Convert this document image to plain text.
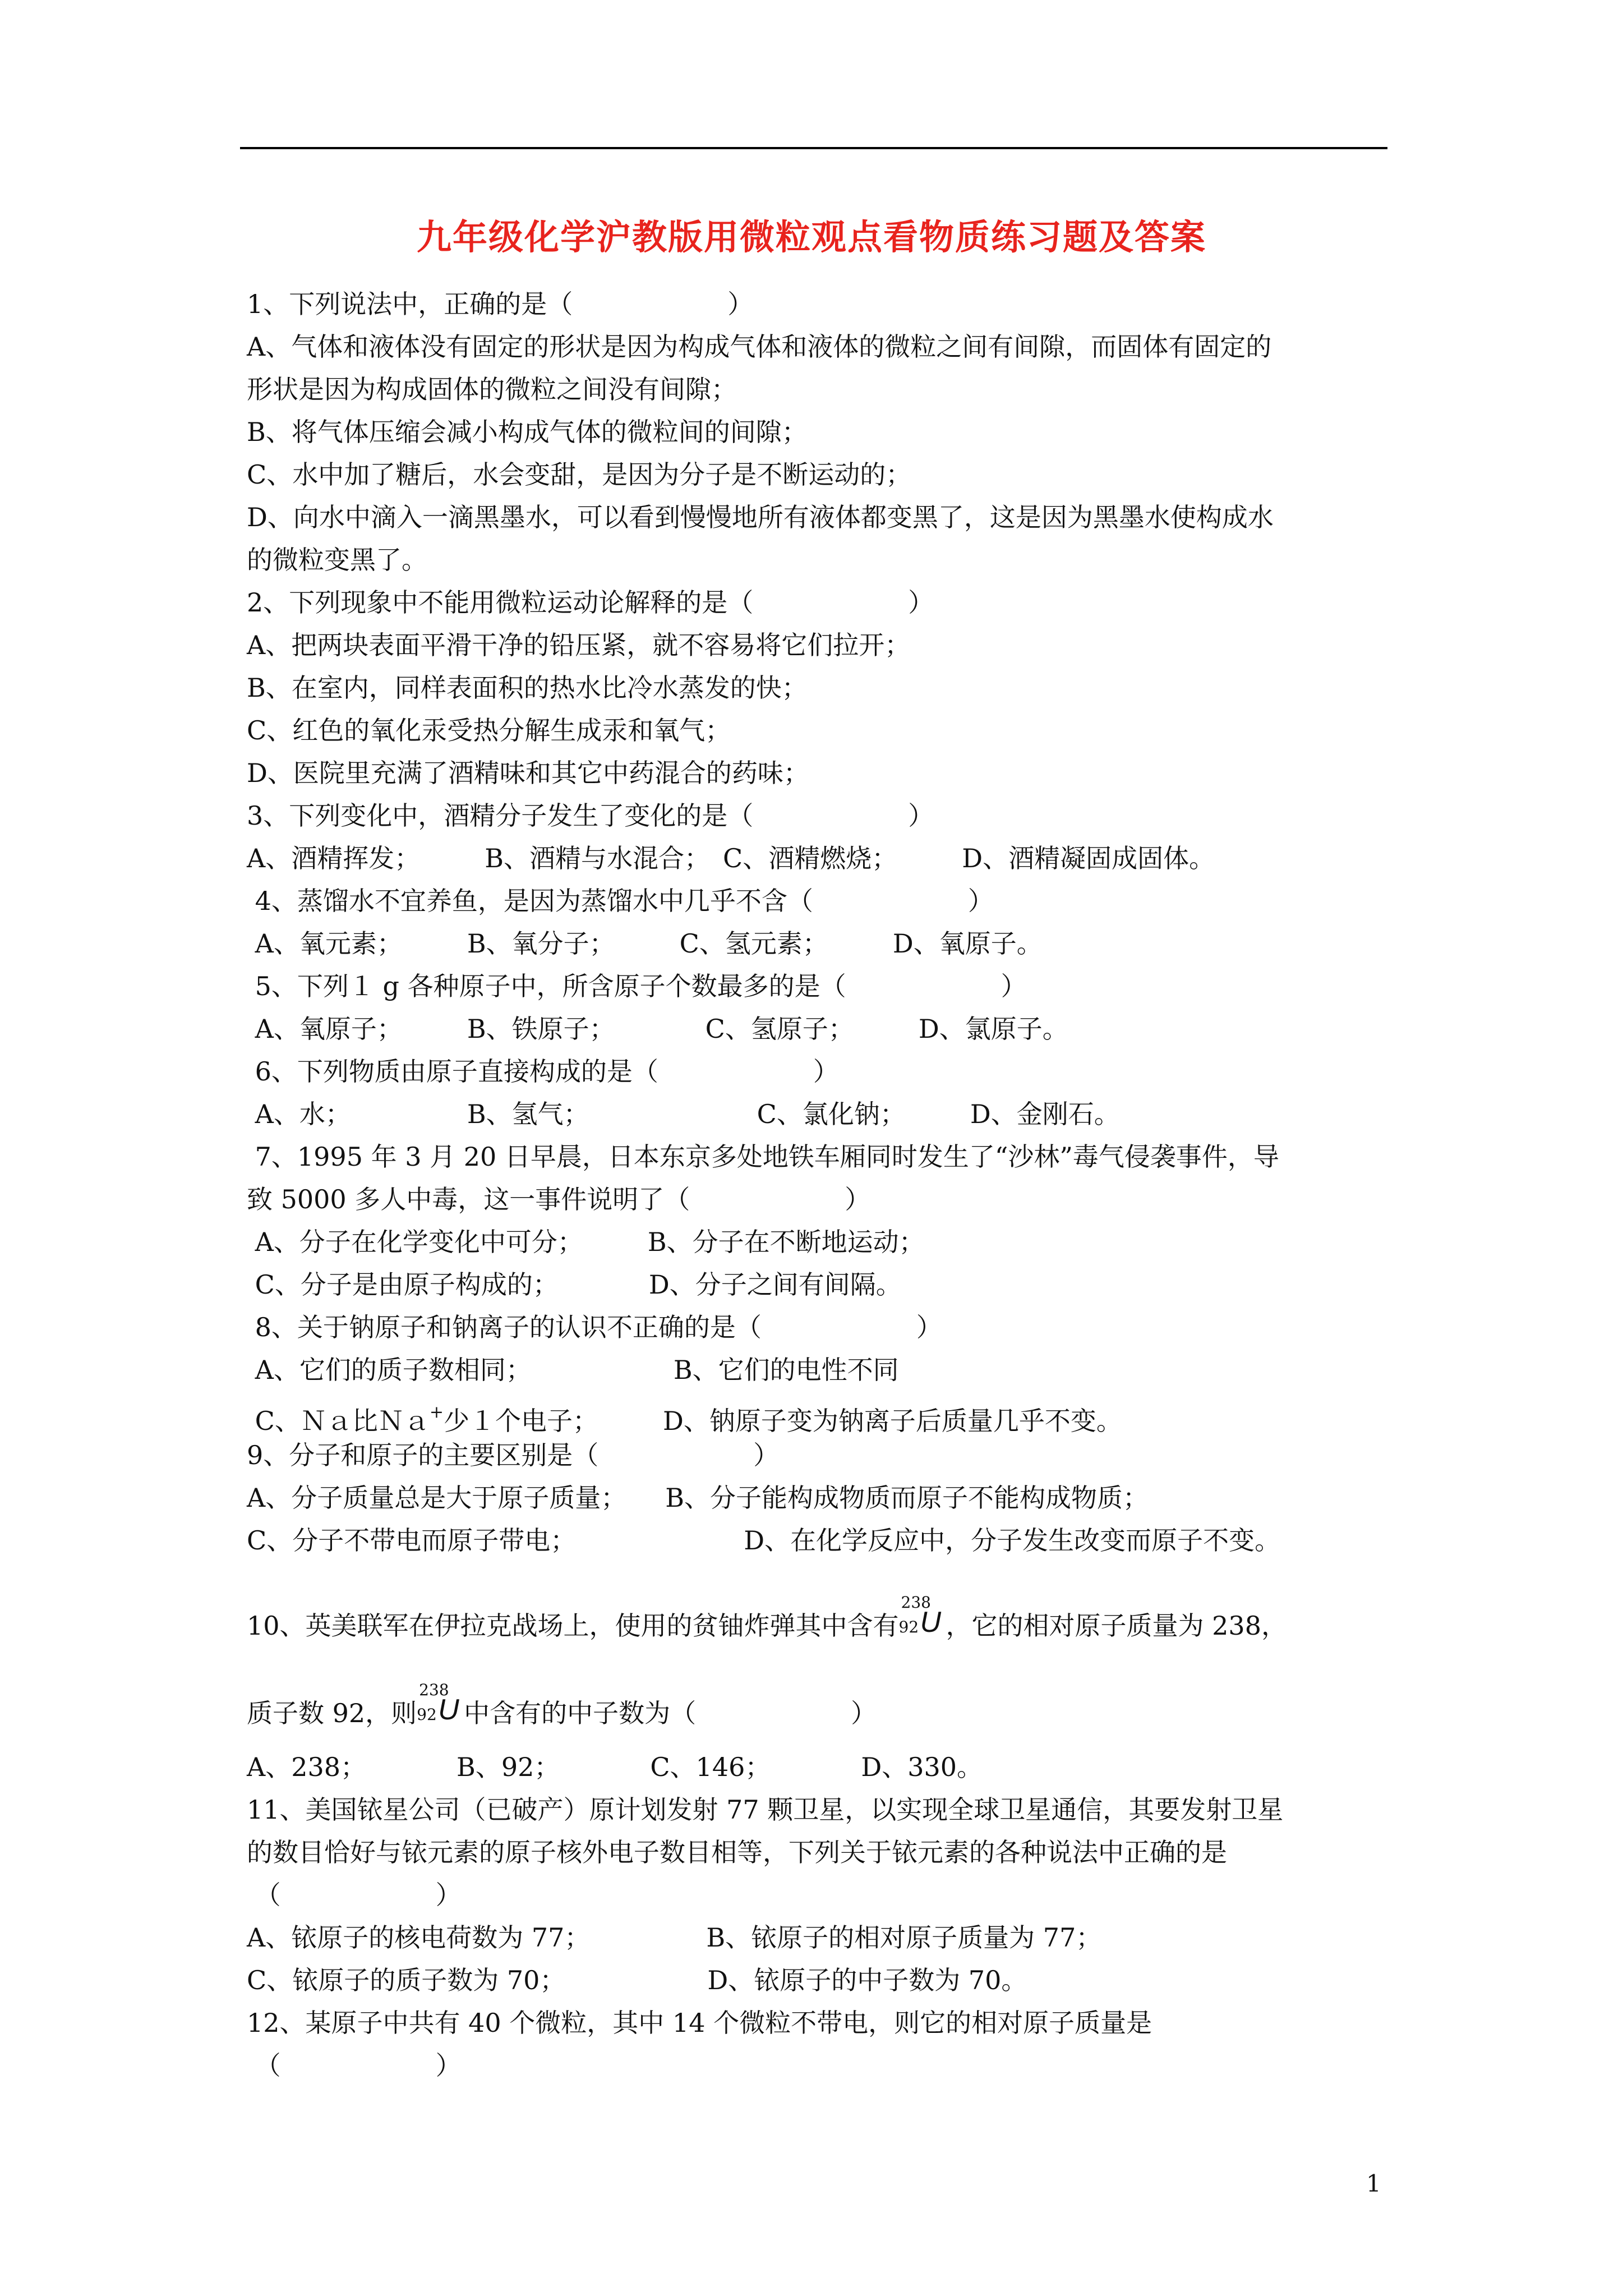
九年级化学沪教版用微粒观点看物质练习题及答案
1、下列说法中，正确的是（　　　　　　）
A、气体和液体没有固定的形状是因为构成气体和液体的微粒之间有间隙，而固体有固定的
形状是因为构成固体的微粒之间没有间隙；
B、将气体压缩会减小构成气体的微粒间的间隙；
C、水中加了糖后，水会变甜，是因为分子是不断运动的；
D、向水中滴入一滴黑墨水，可以看到慢慢地所有液体都变黑了，这是因为黑墨水使构成水
的微粒变黑了。
2、下列现象中不能用微粒运动论解释的是（　　　　　　）
A、把两块表面平滑干净的铅压紧，就不容易将它们拉开；
B、在室内，同样表面积的热水比冷水蒸发的快；
C、红色的氧化汞受热分解生成汞和氧气；
D、医院里充满了酒精味和其它中药混合的药味；
3、下列变化中，酒精分子发生了变化的是（　　　　　　）
A、酒精挥发；　　　B、酒精与水混合；　C、酒精燃烧；　　　D、酒精凝固成固体。
4、蒸馏水不宜养鱼，是因为蒸馏水中几乎不含（　　　　　　）
A、氧元素；　　　B、氧分子；　　　C、氢元素；　　　D、氧原子。
5、下列１ g 各种原子中，所含原子个数最多的是（　　　　　　）
A、氧原子；　　　B、铁原子；　　　　C、氢原子；　　　D、氯原子。
6、下列物质由原子直接构成的是（　　　　　　）
A、水；　　　　　B、氢气；　　　　　　　C、氯化钠；　　　D、金刚石。
7、1995 年 3 月 20 日早晨，日本东京多处地铁车厢同时发生了“沙林”毒气侵袭事件，导
致 5000 多人中毒，这一事件说明了（　　　　　　）
A、分子在化学变化中可分；　　　B、分子在不断地运动；
C、分子是由原子构成的；　　　　D、分子之间有间隔。
8、关于钠原子和钠离子的认识不正确的是（　　　　　　）
A、它们的质子数相同；　　　　　　B、它们的电性不同
C、Ｎａ比Ｎａ+少１个电子；　　　D、钠原子变为钠离子后质量几乎不变。
9、分子和原子的主要区别是（　　　　　　）
A、分子质量总是大于原子质量；　　B、分子能构成物质而原子不能构成物质；
C、分子不带电而原子带电；　　　　　　　D、在化学反应中，分子发生改变而原子不变。
10、英美联军在伊拉克战场上，使用的贫铀炸弹其中含有
238
92 U ，它的相对原子质量为 238，
质子数 92，则
238
92 U 中含有的中子数为（　　　　　　）
A、238；　　　　B、92；　　　　C、146；　　　　D、330。
11、美国铱星公司（已破产）原计划发射 77 颗卫星，以实现全球卫星通信，其要发射卫星
的数目恰好与铱元素的原子核外电子数目相等，下列关于铱元素的各种说法中正确的是
（　　　　　　）
A、铱原子的核电荷数为 77；　　　　　B、铱原子的相对原子质量为 77；
C、铱原子的质子数为 70；　　　　　　D、铱原子的中子数为 70。
12、某原子中共有 40 个微粒，其中 14 个微粒不带电，则它的相对原子质量是
（　　　　　　）
1
